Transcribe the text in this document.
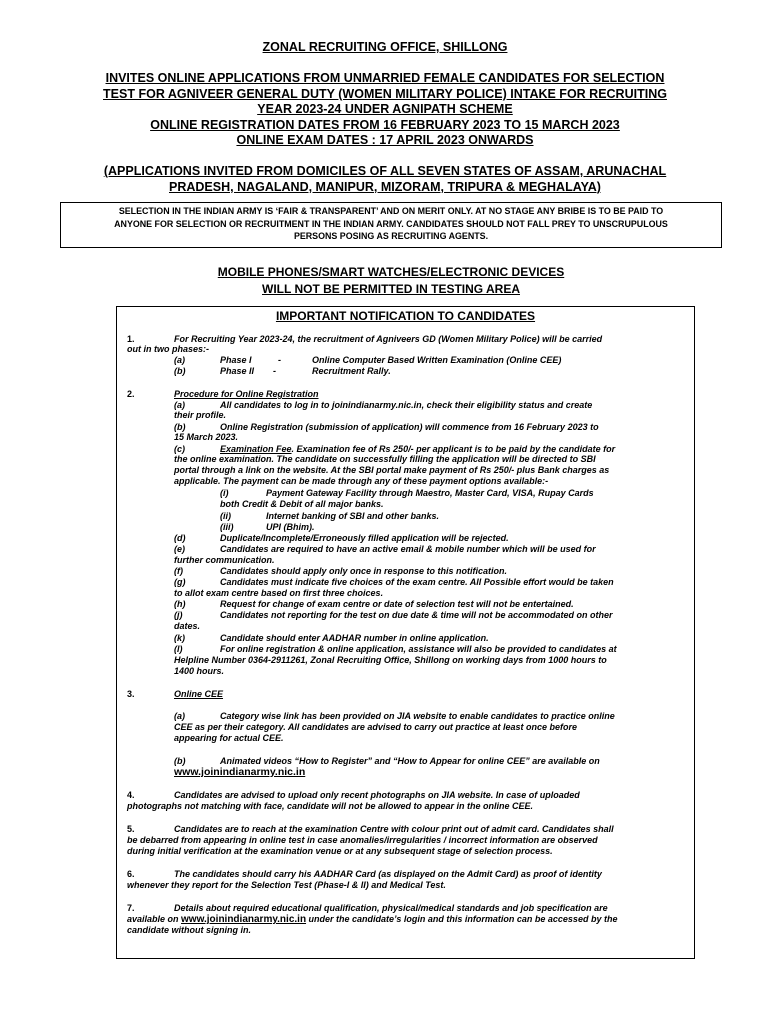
ZONAL RECRUITING OFFICE, SHILLONG
INVITES ONLINE APPLICATIONS FROM UNMARRIED FEMALE CANDIDATES FOR SELECTION
TEST FOR AGNIVEER GENERAL DUTY (WOMEN MILITARY POLICE) INTAKE FOR RECRUITING
YEAR 2023-24 UNDER AGNIPATH SCHEME
ONLINE REGISTRATION DATES FROM 16 FEBRUARY 2023 TO 15 MARCH 2023
ONLINE EXAM DATES : 17 APRIL 2023 ONWARDS
(APPLICATIONS INVITED FROM DOMICILES OF ALL SEVEN STATES OF ASSAM, ARUNACHAL
PRADESH, NAGALAND, MANIPUR, MIZORAM, TRIPURA & MEGHALAYA)
SELECTION IN THE INDIAN ARMY IS ‘FAIR & TRANSPARENT’ AND ON MERIT ONLY. AT NO STAGE ANY BRIBE IS TO BE PAID TO
ANYONE FOR SELECTION OR RECRUITMENT IN THE INDIAN ARMY. CANDIDATES SHOULD NOT FALL PREY TO UNSCRUPULOUS
PERSONS POSING AS RECRUITING AGENTS.
MOBILE PHONES/SMART WATCHES/ELECTRONIC DEVICES
WILL NOT BE PERMITTED IN TESTING AREA
IMPORTANT NOTIFICATION TO CANDIDATES
1.	For Recruiting Year 2023-24, the recruitment of Agniveers GD (Women Military Police) will be carried
out in two phases:-
(a)	Phase I	-	Online Computer Based Written Examination (Online CEE)
(b)	Phase II -	Recruitment Rally.
2.	Procedure for Online Registration
(a)	All candidates to log in to joinindianarmy.nic.in, check their eligibility status and create
their profile.
(b)	Online Registration (submission of application) will commence from 16 February 2023 to
15 March 2023.
(c)	Examination Fee. Examination fee of Rs 250/- per applicant is to be paid by the candidate for
the online examination. The candidate on successfully filling the application will be directed to SBI
portal through a link on the website. At the SBI portal make payment of Rs 250/- plus Bank charges as
applicable. The payment can be made through any of these payment options available:-
(i)	Payment Gateway Facility through Maestro, Master Card, VISA, Rupay Cards
both Credit & Debit of all major banks.
(ii)	Internet banking of SBI and other banks.
(iii)	UPI (Bhim).
(d)	Duplicate/Incomplete/Erroneously filled application will be rejected.
(e)	Candidates are required to have an active email & mobile number which will be used for
further communication.
(f)	Candidates should apply only once in response to this notification.
(g)	Candidates must indicate five choices of the exam centre. All Possible effort would be taken
to allot exam centre based on first three choices.
(h)	Request for change of exam centre or date of selection test will not be entertained.
(j)	Candidates not reporting for the test on due date & time will not be accommodated on other
dates.
(k)	Candidate should enter AADHAR number in online application.
(l)	For online registration & online application, assistance will also be provided to candidates at
Helpline Number 0364-2911261, Zonal Recruiting Office, Shillong on working days from 1000 hours to
1400 hours.
3.	Online CEE
(a)	Category wise link has been provided on JIA website to enable candidates to practice online
CEE as per their category. All candidates are advised to carry out practice at least once before
appearing for actual CEE.
(b)	Animated videos “How to Register” and “How to Appear for online CEE” are available on
www.joinindianarmy.nic.in
4.	Candidates are advised to upload only recent photographs on JIA website. In case of uploaded
photographs not matching with face, candidate will not be allowed to appear in the online CEE.
5.	Candidates are to reach at the examination Centre with colour print out of admit card. Candidates shall
be debarred from appearing in online test in case anomalies/irregularities / incorrect information are observed
during initial verification at the examination venue or at any subsequent stage of selection process.
6.	The candidates should carry his AADHAR Card (as displayed on the Admit Card) as proof of identity
whenever they report for the Selection Test (Phase-I & II) and Medical Test.
7.	Details about required educational qualification, physical/medical standards and job specification are
available on www.joinindianarmy.nic.in under the candidate’s login and this information can be accessed by the
candidate without signing in.
